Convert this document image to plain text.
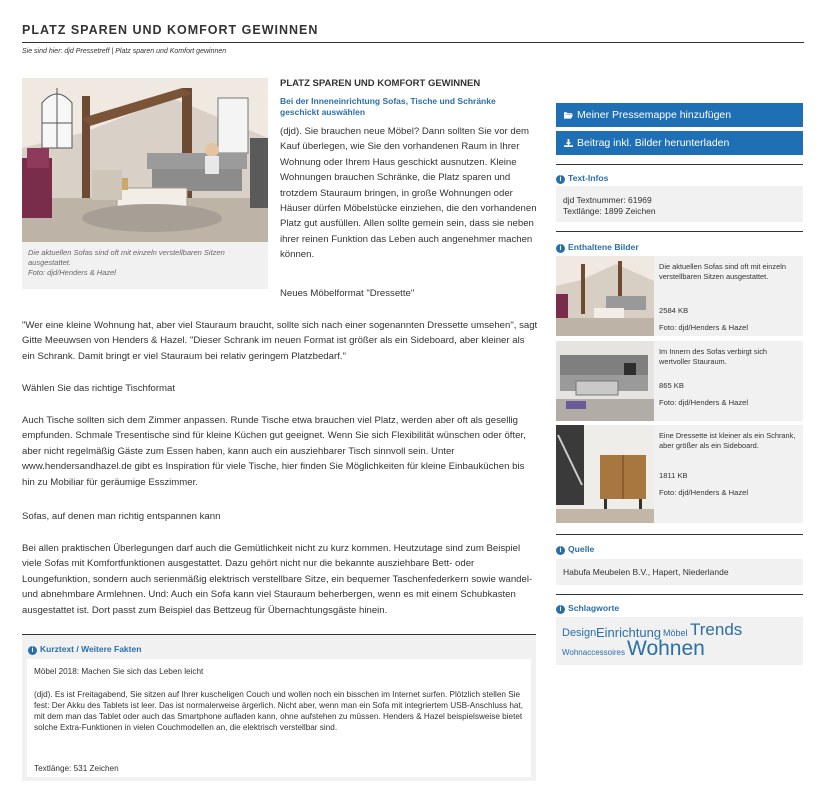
PLATZ SPAREN UND KOMFORT GEWINNEN
Sie sind hier: djd Pressetreff | Platz sparen und Komfort gewinnen
Die aktuellen Sofas sind oft mit einzeln verstellbaren Sitzen
ausgestattet.
Foto: djd/Henders & Hazel
PLATZ SPAREN UND KOMFORT GEWINNEN
Bei der Inneneinrichtung Sofas, Tische und Schränke geschickt auswählen
(djd). Sie brauchen neue Möbel? Dann sollten Sie vor dem Kauf überlegen, wie Sie den vorhandenen Raum in Ihrer Wohnung oder Ihrem Haus geschickt ausnutzen. Kleine Wohnungen brauchen Schränke, die Platz sparen und trotzdem Stauraum bringen, in große Wohnungen oder Häuser dürfen Möbelstücke einziehen, die den vorhandenen Platz gut ausfüllen. Allen sollte gemein sein, dass sie neben ihrer reinen Funktion das Leben auch angenehmer machen können.
Neues Möbelformat "Dressette"
"Wer eine kleine Wohnung hat, aber viel Stauraum braucht, sollte sich nach einer sogenannten Dressette umsehen", sagt Gitte Meeuwsen von Henders & Hazel. "Dieser Schrank im neuen Format ist größer als ein Sideboard, aber kleiner als ein Schrank. Damit bringt er viel Stauraum bei relativ geringem Platzbedarf."
Wählen Sie das richtige Tischformat
Auch Tische sollten sich dem Zimmer anpassen. Runde Tische etwa brauchen viel Platz, werden aber oft als gesellig empfunden. Schmale Tresentische sind für kleine Küchen gut geeignet. Wenn Sie sich Flexibilität wünschen oder öfter, aber nicht regelmäßig Gäste zum Essen haben, kann auch ein ausziehbarer Tisch sinnvoll sein. Unter www.hendersandhazel.de gibt es Inspiration für viele Tische, hier finden Sie Möglichkeiten für kleine Einbauküchen bis hin zu Mobiliar für geräumige Esszimmer.
Sofas, auf denen man richtig entspannen kann
Bei allen praktischen Überlegungen darf auch die Gemütlichkeit nicht zu kurz kommen. Heutzutage sind zum Beispiel viele Sofas mit Komfortfunktionen ausgestattet. Dazu gehört nicht nur die bekannte ausziehbare Bett- oder Loungefunktion, sondern auch serienmäßig elektrisch verstellbare Sitze, ein bequemer Taschenfederkern sowie wandel- und abnehmbare Armlehnen. Und: Auch ein Sofa kann viel Stauraum beherbergen, wenn es mit einem Schubkasten ausgestattet ist. Dort passt zum Beispiel das Bettzeug für Übernachtungsgäste hinein.
i Kurztext / Weitere Fakten
Möbel 2018: Machen Sie sich das Leben leicht
(djd). Es ist Freitagabend, Sie sitzen auf Ihrer kuscheligen Couch und wollen noch ein bisschen im Internet surfen. Plötzlich stellen Sie fest: Der Akku des Tablets ist leer. Das ist normalerweise ärgerlich. Nicht aber, wenn man ein Sofa mit integriertem USB-Anschluss hat, mit dem man das Tablet oder auch das Smartphone aufladen kann, ohne aufstehen zu müssen. Henders & Hazel beispielsweise bietet solche Extra-Funktionen in vielen Couchmodellen an, die elektrisch verstellbar sind.
Textlänge: 531 Zeichen
Meiner Pressemappe hinzufügen
Beitrag inkl. Bilder herunterladen
i Text-Infos
djd Textnummer: 61969
Textlänge: 1899 Zeichen
i Enthaltene Bilder
Die aktuellen Sofas sind oft mit einzeln verstellbaren Sitzen ausgestattet.
2584 KB
Foto: djd/Henders & Hazel
Im Innern des Sofas verbirgt sich wertvoller Stauraum.
865 KB
Foto: djd/Henders & Hazel
Eine Dressette ist kleiner als ein Schrank, aber größer als ein Sideboard.
1811 KB
Foto: djd/Henders & Hazel
i Quelle
Habufa Meubelen B.V., Hapert, Niederlande
i Schlagworte
Design Einrichtung Möbel Trends
Wohnaccessoires Wohnen
